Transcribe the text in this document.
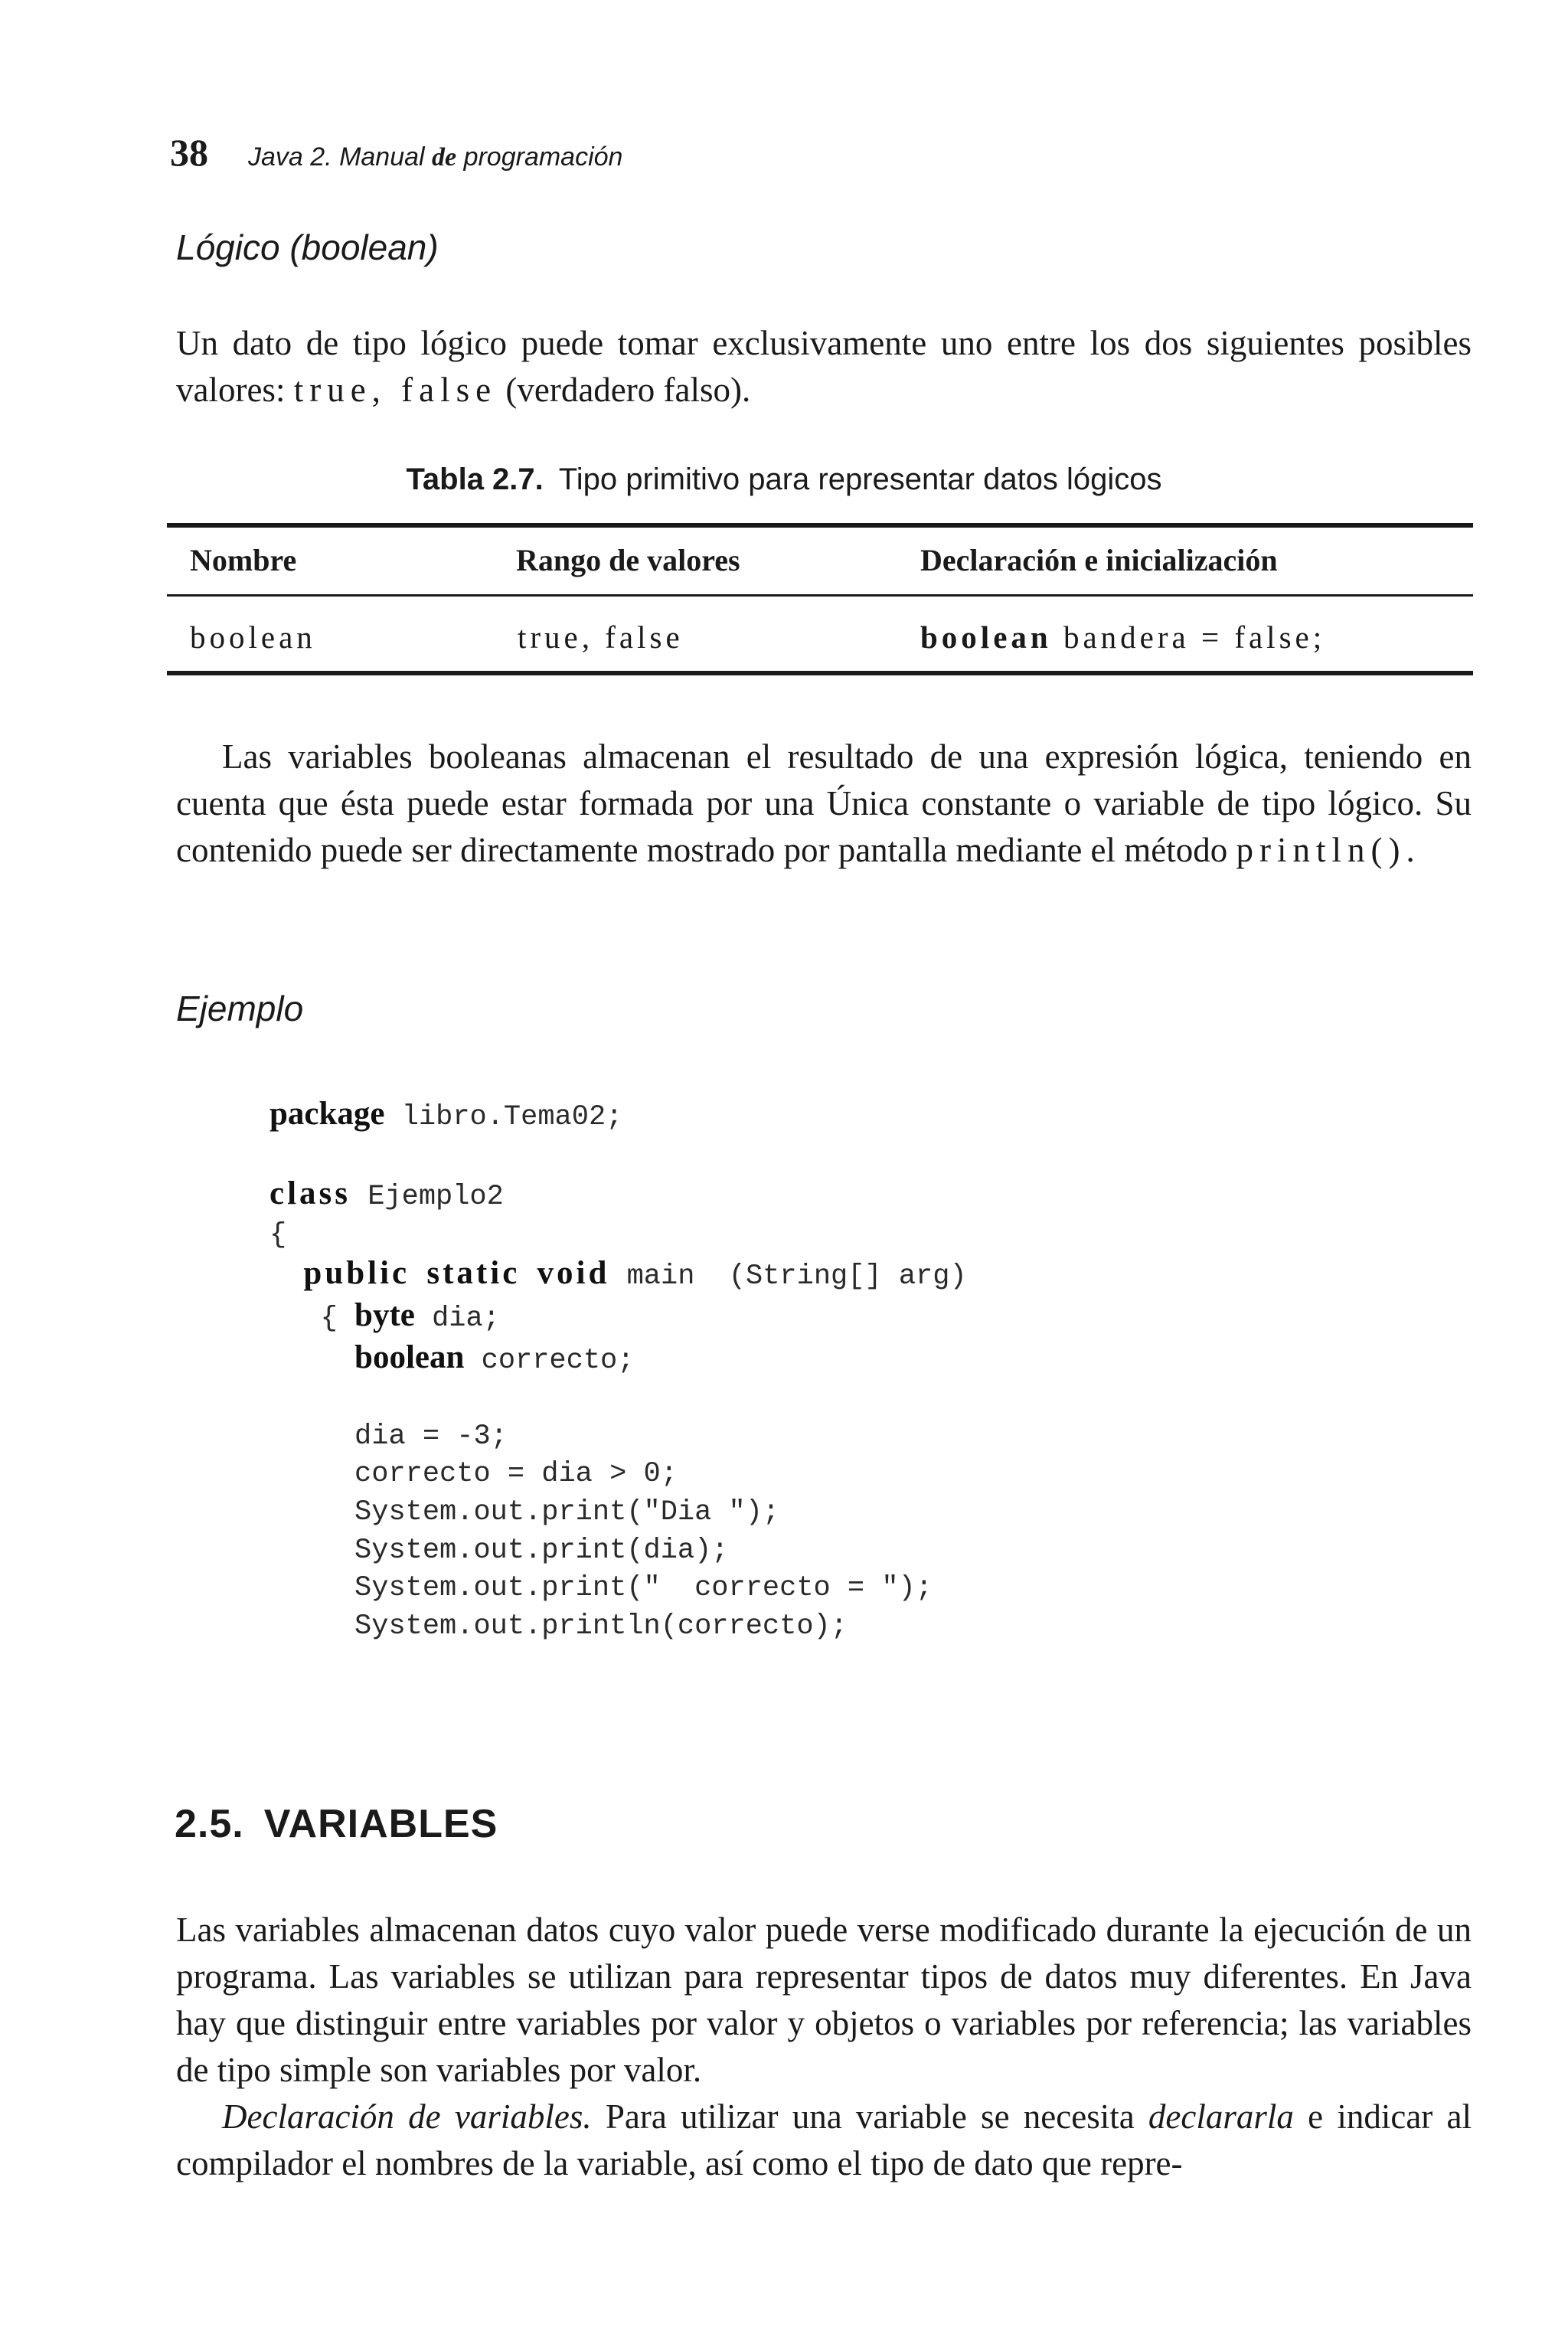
38 Java 2. Manual de programación
Lógico (boolean)

Un dato de tipo lógico puede tomar exclusivamente uno entre los dos siguientes posibles valores: true, false (verdadero falso).

Tabla 2.7. Tipo primitivo para representar datos lógicos
Nombre	Rango de valores	Declaración e inicialización
boolean	true, false	boolean bandera = false;

Las variables booleanas almacenan el resultado de una expresión lógica, teniendo en cuenta que ésta puede estar formada por una Única constante o variable de tipo lógico. Su contenido puede ser directamente mostrado por pantalla mediante el método println().

Ejemplo
package libro.Tema02;

class Ejemplo2
{
public static void main  (String[] arg)
{ byte dia;
boolean correcto;

dia = -3;
correcto = dia > 0;
System.out.print("Dia ");
System.out.print(dia);
System.out.print("  correcto = ");
System.out.println(correcto);
2.5. VARIABLES

Las variables almacenan datos cuyo valor puede verse modificado durante la ejecución de un programa. Las variables se utilizan para representar tipos de datos muy diferentes. En Java hay que distinguir entre variables por valor y objetos o variables por referencia; las variables de tipo simple son variables por valor.

Declaración de variables. Para utilizar una variable se necesita declararla e indicar al compilador el nombres de la variable, así como el tipo de dato que repre-
